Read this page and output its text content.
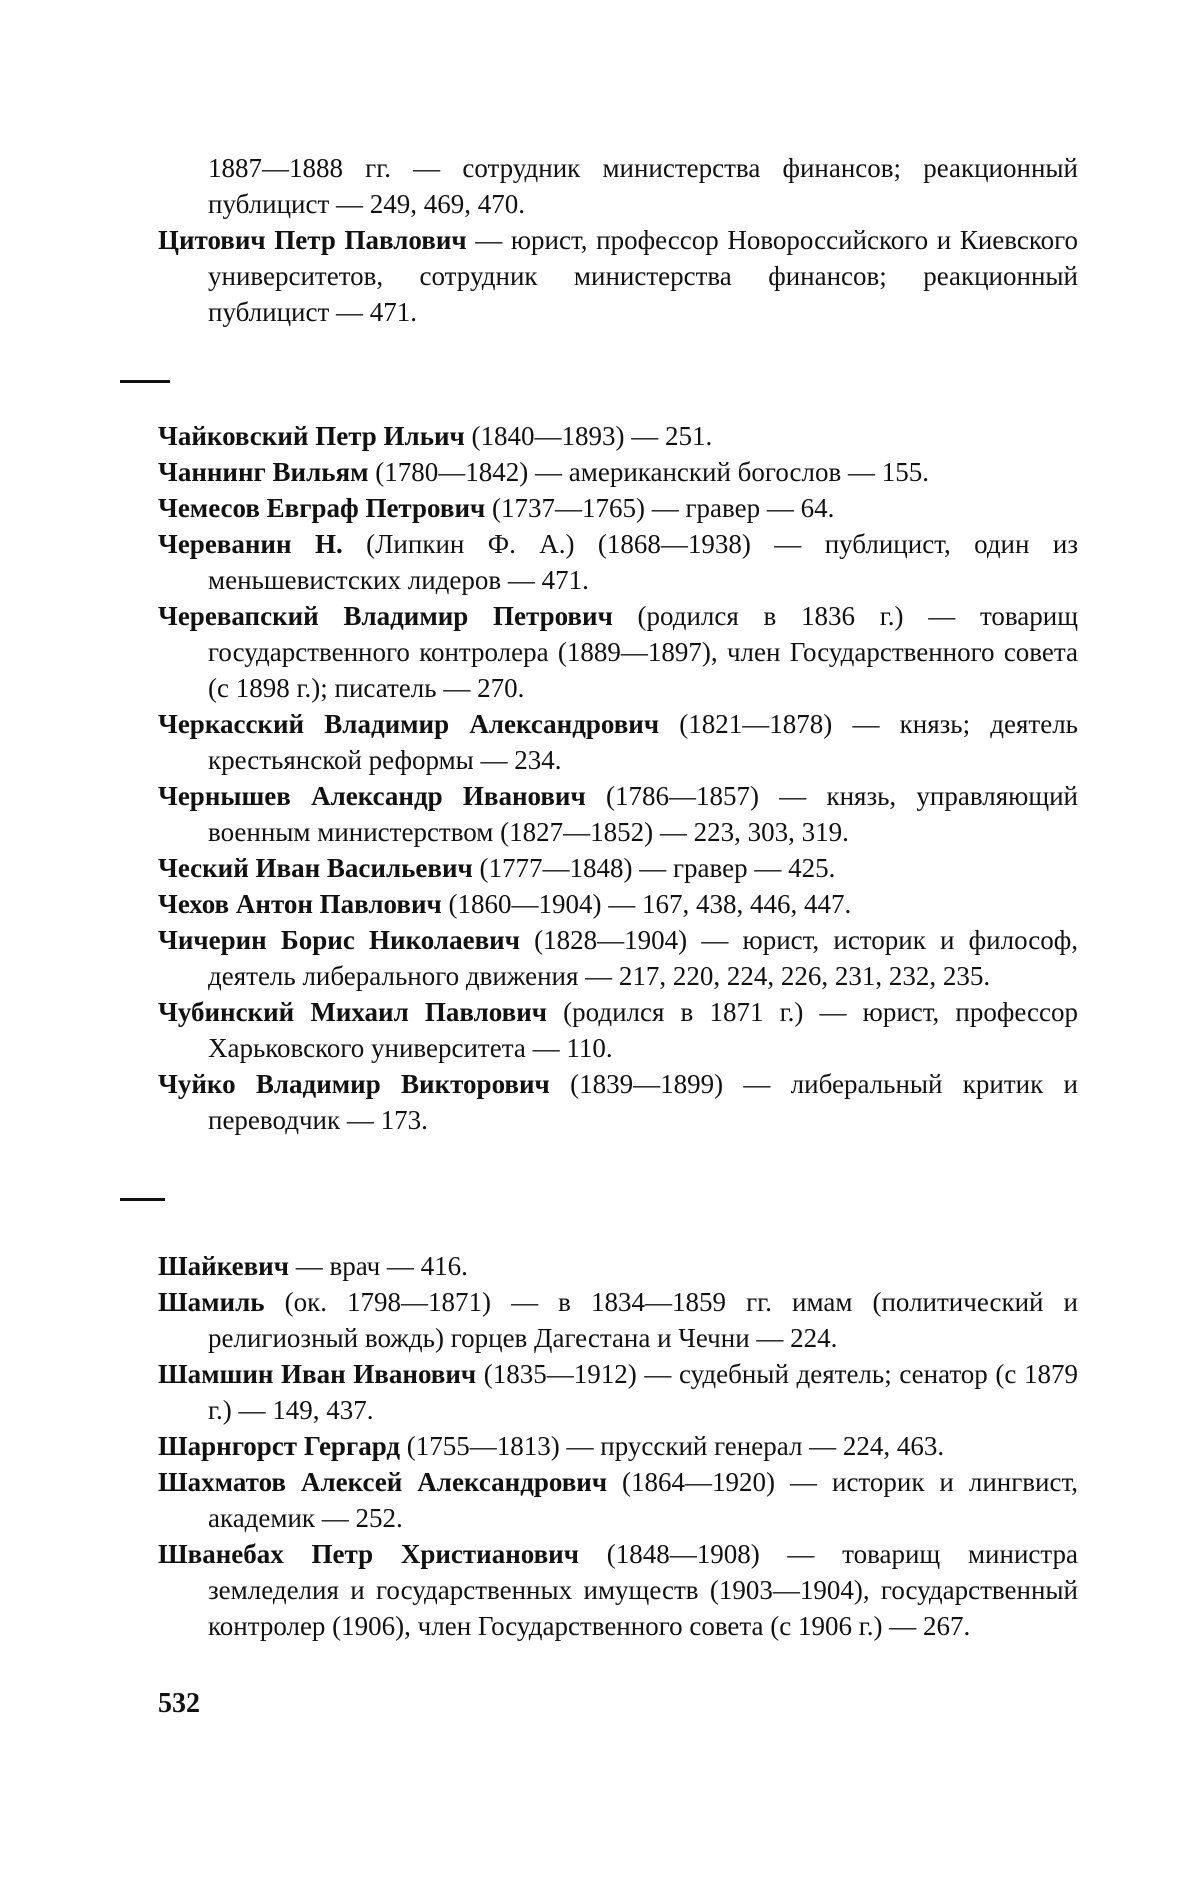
1887—1888 гг. — сотрудник министерства финансов; реакционный публицист — 249, 469, 470.

Цитович Петр Павлович — юрист, профессор Новороссийского и Киевского университетов, сотрудник министерства финансов; реакционный публицист — 471.

Чайковский Петр Ильич (1840—1893) — 251.

Чаннинг Вильям (1780—1842) — американский богослов — 155.

Чемесов Евграф Петрович (1737—1765) — гравер — 64.

Череванин Н. (Липкин Ф. А.) (1868—1938) — публицист, один из меньшевистских лидеров — 471.

Черевапский Владимир Петрович (родился в 1836 г.) — товарищ государственного контролера (1889—1897), член Государственного совета (с 1898 г.); писатель — 270.

Черкасский Владимир Александрович (1821—1878) — князь; деятель крестьянской реформы — 234.

Чернышев Александр Иванович (1786—1857) — князь, управляющий военным министерством (1827—1852) — 223, 303, 319.

Ческий Иван Васильевич (1777—1848) — гравер — 425.

Чехов Антон Павлович (1860—1904) — 167, 438, 446, 447.

Чичерин Борис Николаевич (1828—1904) — юрист, историк и философ, деятель либерального движения — 217, 220, 224, 226, 231, 232, 235.

Чубинский Михаил Павлович (родился в 1871 г.) — юрист, профессор Харьковского университета — 110.

Чуйко Владимир Викторович (1839—1899) — либеральный критик и переводчик — 173.

Шайкевич — врач — 416.

Шамиль (ок. 1798—1871) — в 1834—1859 гг. имам (политический и религиозный вождь) горцев Дагестана и Чечни — 224.

Шамшин Иван Иванович (1835—1912) — судебный деятель; сенатор (с 1879 г.) — 149, 437.

Шарнгорст Гергард (1755—1813) — прусский генерал — 224, 463.

Шахматов Алексей Александрович (1864—1920) — историк и лингвист, академик — 252.

Шванебах Петр Христианович (1848—1908) — товарищ министра земледелия и государственных имуществ (1903—1904), государственный контролер (1906), член Государственного совета (с 1906 г.) — 267.

532
